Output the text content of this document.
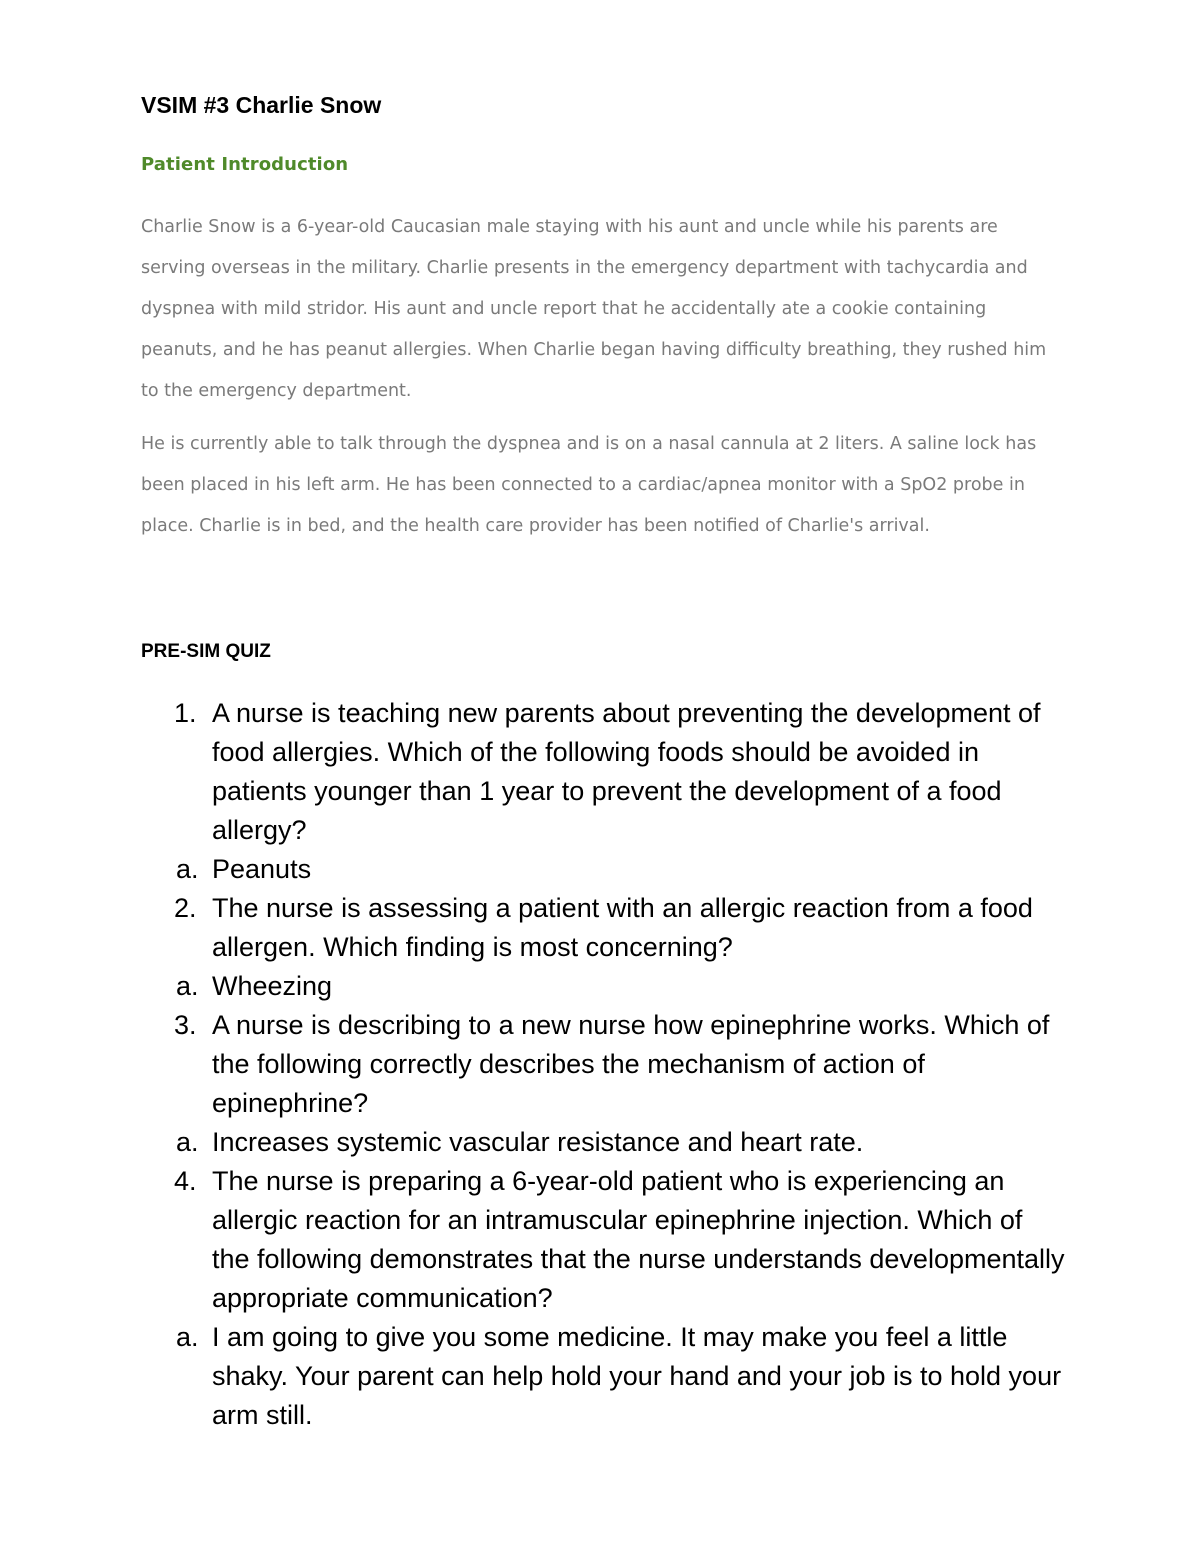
VSIM #3 Charlie Snow
Patient Introduction

Charlie Snow is a 6-year-old Caucasian male staying with his aunt and uncle while his parents are serving overseas in the military. Charlie presents in the emergency department with tachycardia and dyspnea with mild stridor. His aunt and uncle report that he accidentally ate a cookie containing peanuts, and he has peanut allergies. When Charlie began having difficulty breathing, they rushed him to the emergency department.

He is currently able to talk through the dyspnea and is on a nasal cannula at 2 liters. A saline lock has been placed in his left arm. He has been connected to a cardiac/apnea monitor with a SpO2 probe in place. Charlie is in bed, and the health care provider has been notified of Charlie's arrival.

PRE-SIM QUIZ
1. A nurse is teaching new parents about preventing the development of food allergies. Which of the following foods should be avoided in patients younger than 1 year to prevent the development of a food allergy?
a. Peanuts
2. The nurse is assessing a patient with an allergic reaction from a food allergen. Which finding is most concerning?
a. Wheezing
3. A nurse is describing to a new nurse how epinephrine works. Which of the following correctly describes the mechanism of action of epinephrine?
a. Increases systemic vascular resistance and heart rate.
4. The nurse is preparing a 6-year-old patient who is experiencing an allergic reaction for an intramuscular epinephrine injection. Which of the following demonstrates that the nurse understands developmentally appropriate communication?
a. I am going to give you some medicine. It may make you feel a little shaky. Your parent can help hold your hand and your job is to hold your arm still.
